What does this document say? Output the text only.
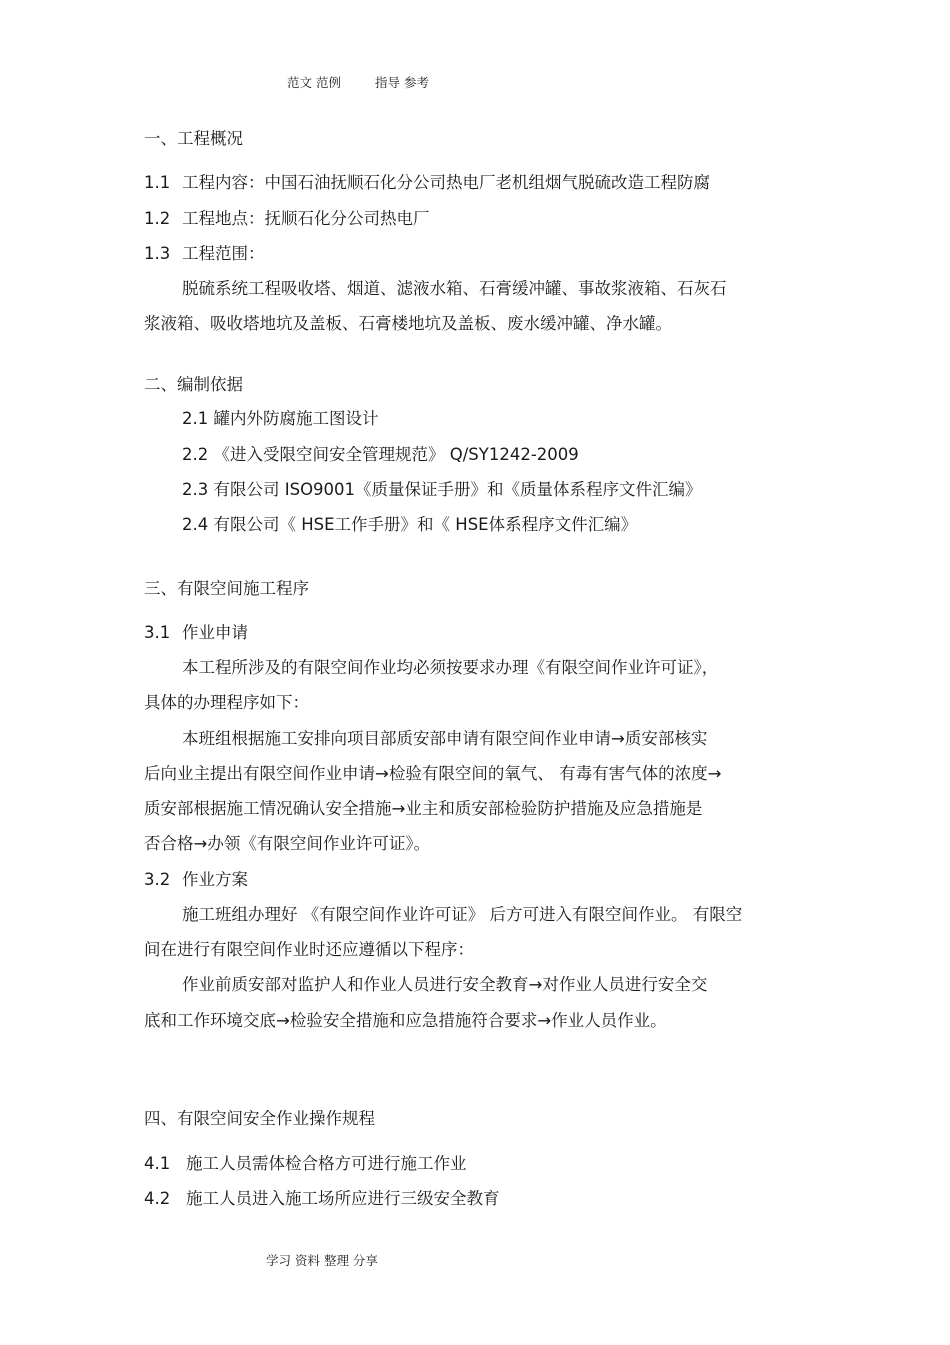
范文 范例	指导 参考
一、工程概况
1.1 工程内容：中国石油抚顺石化分公司热电厂老机组烟气脱硫改造工程防腐
1.2 工程地点：抚顺石化分公司热电厂
1.3 工程范围：
脱硫系统工程吸收塔、烟道、滤液水箱、石膏缓冲罐、事故浆液箱、石灰石
浆液箱、吸收塔地坑及盖板、石膏楼地坑及盖板、废水缓冲罐、净水罐。
二、编制依据
2.1 罐内外防腐施工图设计
2.2 《进入受限空间安全管理规范》 Q/SY1242-2009
2.3 有限公司 ISO9001《质量保证手册》和《质量体系程序文件汇编》
2.4 有限公司《 HSE工作手册》和《 HSE体系程序文件汇编》
三、有限空间施工程序
3.1 作业申请
本工程所涉及的有限空间作业均必须按要求办理《有限空间作业许可证》，
具体的办理程序如下：
本班组根据施工安排向项目部质安部申请有限空间作业申请→质安部核实
后向业主提出有限空间作业申请→检验有限空间的氧气、 有毒有害气体的浓度→
质安部根据施工情况确认安全措施→业主和质安部检验防护措施及应急措施是
否合格→办领《有限空间作业许可证》。
3.2 作业方案
施工班组办理好 《有限空间作业许可证》 后方可进入有限空间作业。 有限空
间在进行有限空间作业时还应遵循以下程序：
作业前质安部对监护人和作业人员进行安全教育→对作业人员进行安全交
底和工作环境交底→检验安全措施和应急措施符合要求→作业人员作业。
四、有限空间安全作业操作规程
4.1 施工人员需体检合格方可进行施工作业
4.2 施工人员进入施工场所应进行三级安全教育
学习 资料 整理 分享
